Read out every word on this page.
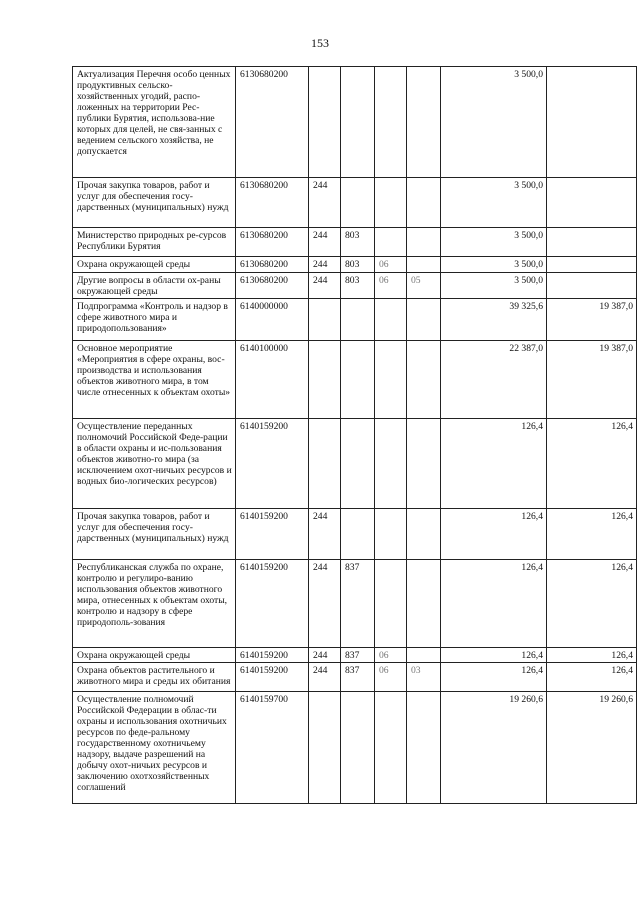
153
Актуализация Перечня особо ценных продуктивных сельско-хозяйственных угодий, распо-ложенных на территории Рес-публики Бурятия, использова-ние которых для целей, не свя-занных с ведением сельского хозяйства, не допускается	6130680200					3 500,0	
Прочая закупка товаров, работ и услуг для обеспечения госу-дарственных (муниципальных) нужд	6130680200	244				3 500,0	
Министерство природных ре-сурсов Республики Бурятия	6130680200	244	803			3 500,0	
Охрана окружающей среды	6130680200	244	803	06		3 500,0	
Другие вопросы в области ох-раны окружающей среды	6130680200	244	803	06	05	3 500,0	
Подпрограмма «Контроль и надзор в сфере животного мира и природопользования»	6140000000					39 325,6	19 387,0
Основное мероприятие «Мероприятия в сфере охраны, вос-производства и использования объектов животного мира, в том числе отнесенных к объектам охоты»	6140100000					22 387,0	19 387,0
Осуществление переданных полномочий Российской Феде-рации в области охраны и ис-пользования объектов животно-го мира (за исключением охот-ничьих ресурсов и водных био-логических ресурсов)	6140159200					126,4	126,4
Прочая закупка товаров, работ и услуг для обеспечения госу-дарственных (муниципальных) нужд	6140159200	244				126,4	126,4
Республиканская служба по охране, контролю и регулиро-ванию использования объектов животного мира, отнесенных к объектам охоты, контролю и надзору в сфере природополь-зования	6140159200	244	837			126,4	126,4
Охрана окружающей среды	6140159200	244	837	06		126,4	126,4
Охрана объектов растительного и животного мира и среды их обитания	6140159200	244	837	06	03	126,4	126,4
Осуществление полномочий Российской Федерации в облас-ти охраны и использования охотничьих ресурсов по феде-ральному государственному охотничьему надзору, выдаче разрешений на добычу охот-ничьих ресурсов и заключению охотхозяйственных соглашений	6140159700					19 260,6	19 260,6
